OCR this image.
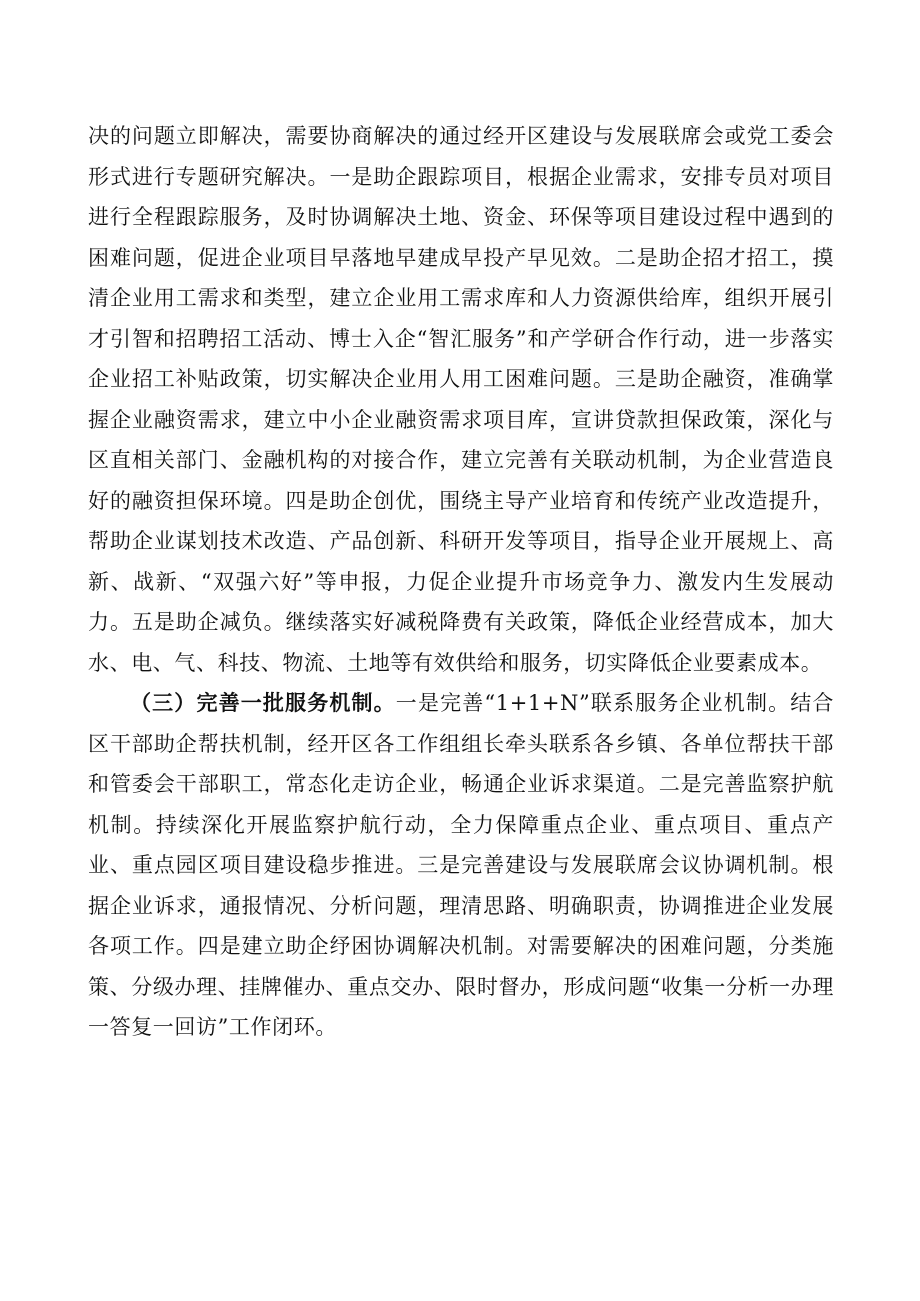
决的问题立即解决，需要协商解决的通过经开区建设与发展联席会或党工委会形式进行专题研究解决。一是助企跟踪项目，根据企业需求，安排专员对项目进行全程跟踪服务，及时协调解决土地、资金、环保等项目建设过程中遇到的困难问题，促进企业项目早落地早建成早投产早见效。二是助企招才招工，摸清企业用工需求和类型，建立企业用工需求库和人力资源供给库，组织开展引才引智和招聘招工活动、博士入企“智汇服务”和产学研合作行动，进一步落实企业招工补贴政策，切实解决企业用人用工困难问题。三是助企融资，准确掌握企业融资需求，建立中小企业融资需求项目库，宣讲贷款担保政策，深化与区直相关部门、金融机构的对接合作，建立完善有关联动机制，为企业营造良好的融资担保环境。四是助企创优，围绕主导产业培育和传统产业改造提升，帮助企业谋划技术改造、产品创新、科研开发等项目，指导企业开展规上、高新、战新、“双强六好”等申报，力促企业提升市场竞争力、激发内生发展动力。五是助企减负。继续落实好减税降费有关政策，降低企业经营成本，加大水、电、气、科技、物流、土地等有效供给和服务，切实降低企业要素成本。

（三）完善一批服务机制。一是完善“1+1+N”联系服务企业机制。结合区干部助企帮扶机制，经开区各工作组组长牵头联系各乡镇、各单位帮扶干部和管委会干部职工，常态化走访企业，畅通企业诉求渠道。二是完善监察护航机制。持续深化开展监察护航行动，全力保障重点企业、重点项目、重点产业、重点园区项目建设稳步推进。三是完善建设与发展联席会议协调机制。根据企业诉求，通报情况、分析问题，理清思路、明确职责，协调推进企业发展各项工作。四是建立助企纾困协调解决机制。对需要解决的困难问题，分类施策、分级办理、挂牌催办、重点交办、限时督办，形成问题“收集一分析一办理一答复一回访”工作闭环。
